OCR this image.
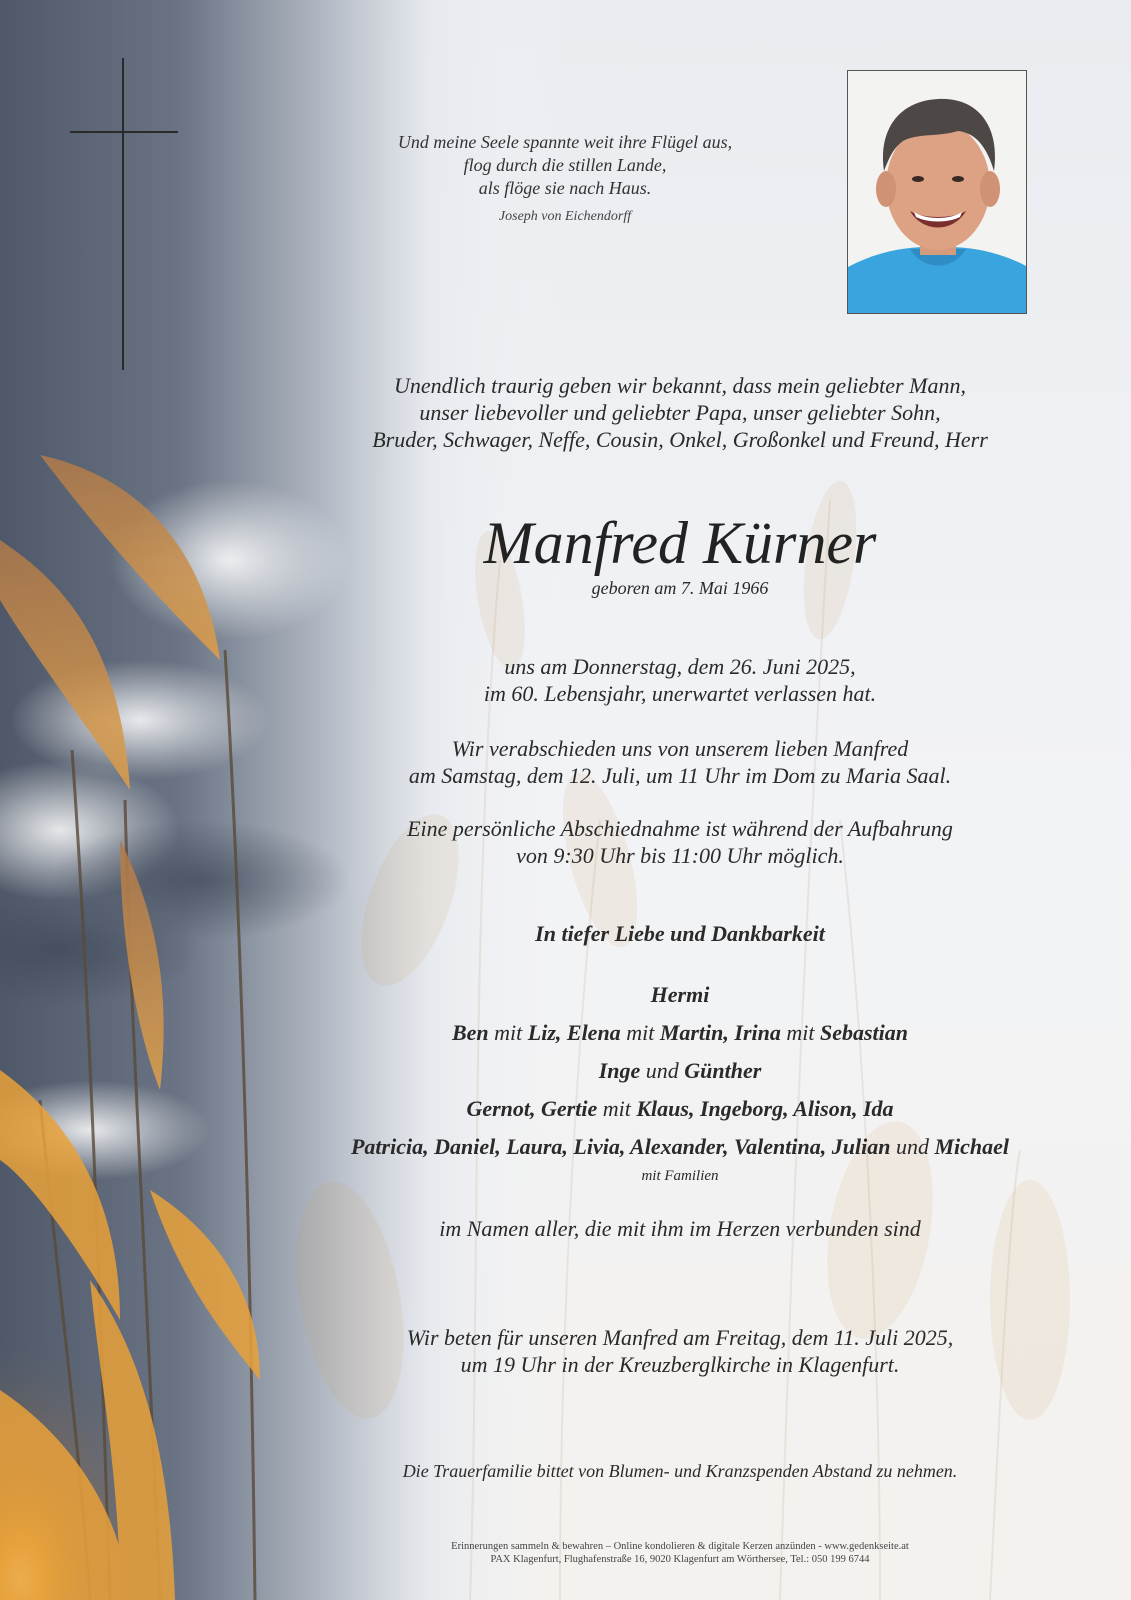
Und meine Seele spannte weit ihre Flügel aus,
flog durch die stillen Lande,
als flöge sie nach Haus.
Joseph von Eichendorff
Unendlich traurig geben wir bekannt, dass mein geliebter Mann,
unser liebevoller und geliebter Papa, unser geliebter Sohn,
Bruder, Schwager, Neffe, Cousin, Onkel, Großonkel und Freund, Herr
Manfred Kürner
geboren am 7. Mai 1966
uns am Donnerstag, dem 26. Juni 2025,
im 60. Lebensjahr, unerwartet verlassen hat.
Wir verabschieden uns von unserem lieben Manfred
am Samstag, dem 12. Juli, um 11 Uhr im Dom zu Maria Saal.
Eine persönliche Abschiednahme ist während der Aufbahrung
von 9:30 Uhr bis 11:00 Uhr möglich.
In tiefer Liebe und Dankbarkeit
Hermi
Ben mit Liz, Elena mit Martin, Irina mit Sebastian
Inge und Günther
Gernot, Gertie mit Klaus, Ingeborg, Alison, Ida
Patricia, Daniel, Laura, Livia, Alexander, Valentina, Julian und Michael
mit Familien
im Namen aller, die mit ihm im Herzen verbunden sind
Wir beten für unseren Manfred am Freitag, dem 11. Juli 2025,
um 19 Uhr in der Kreuzberglkirche in Klagenfurt.
Die Trauerfamilie bittet von Blumen- und Kranzspenden Abstand zu nehmen.
Erinnerungen sammeln & bewahren – Online kondolieren & digitale Kerzen anzünden - www.gedenkseite.at
PAX Klagenfurt, Flughafenstraße 16, 9020 Klagenfurt am Wörthersee, Tel.: 050 199 6744
